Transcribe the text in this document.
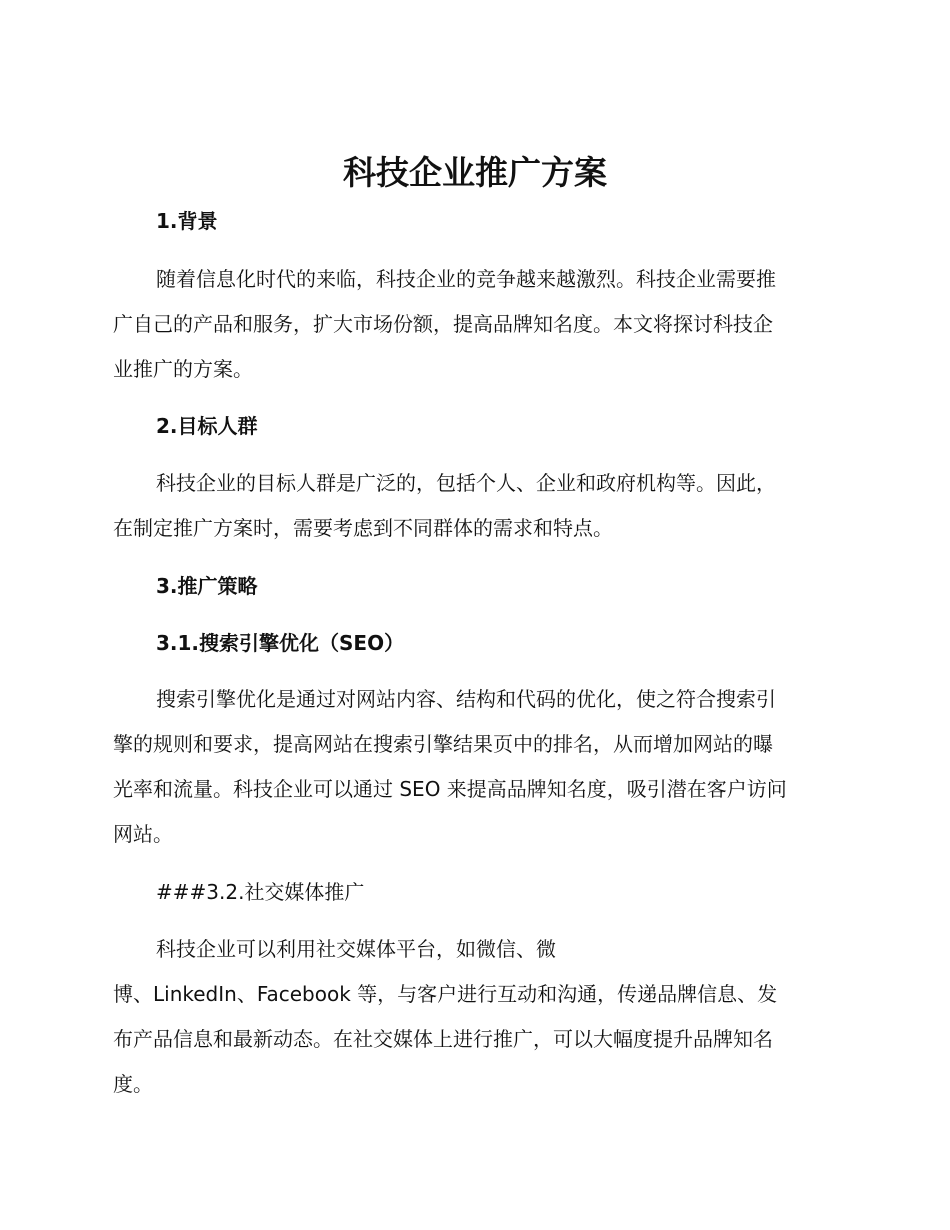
科技企业推广方案
1.背景

随着信息化时代的来临，科技企业的竞争越来越激烈。科技企业需要推
广自己的产品和服务，扩大市场份额，提高品牌知名度。本文将探讨科技企
业推广的方案。

2.目标人群

科技企业的目标人群是广泛的，包括个人、企业和政府机构等。因此，
在制定推广方案时，需要考虑到不同群体的需求和特点。

3.推广策略
3.1.搜索引擎优化（SEO）

搜索引擎优化是通过对网站内容、结构和代码的优化，使之符合搜索引
擎的规则和要求，提高网站在搜索引擎结果页中的排名，从而增加网站的曝
光率和流量。科技企业可以通过 SEO 来提高品牌知名度，吸引潜在客户访问
网站。

###3.2.社交媒体推广

科技企业可以利用社交媒体平台，如微信、微
博、LinkedIn、Facebook 等，与客户进行互动和沟通，传递品牌信息、发
布产品信息和最新动态。在社交媒体上进行推广，可以大幅度提升品牌知名
度。
